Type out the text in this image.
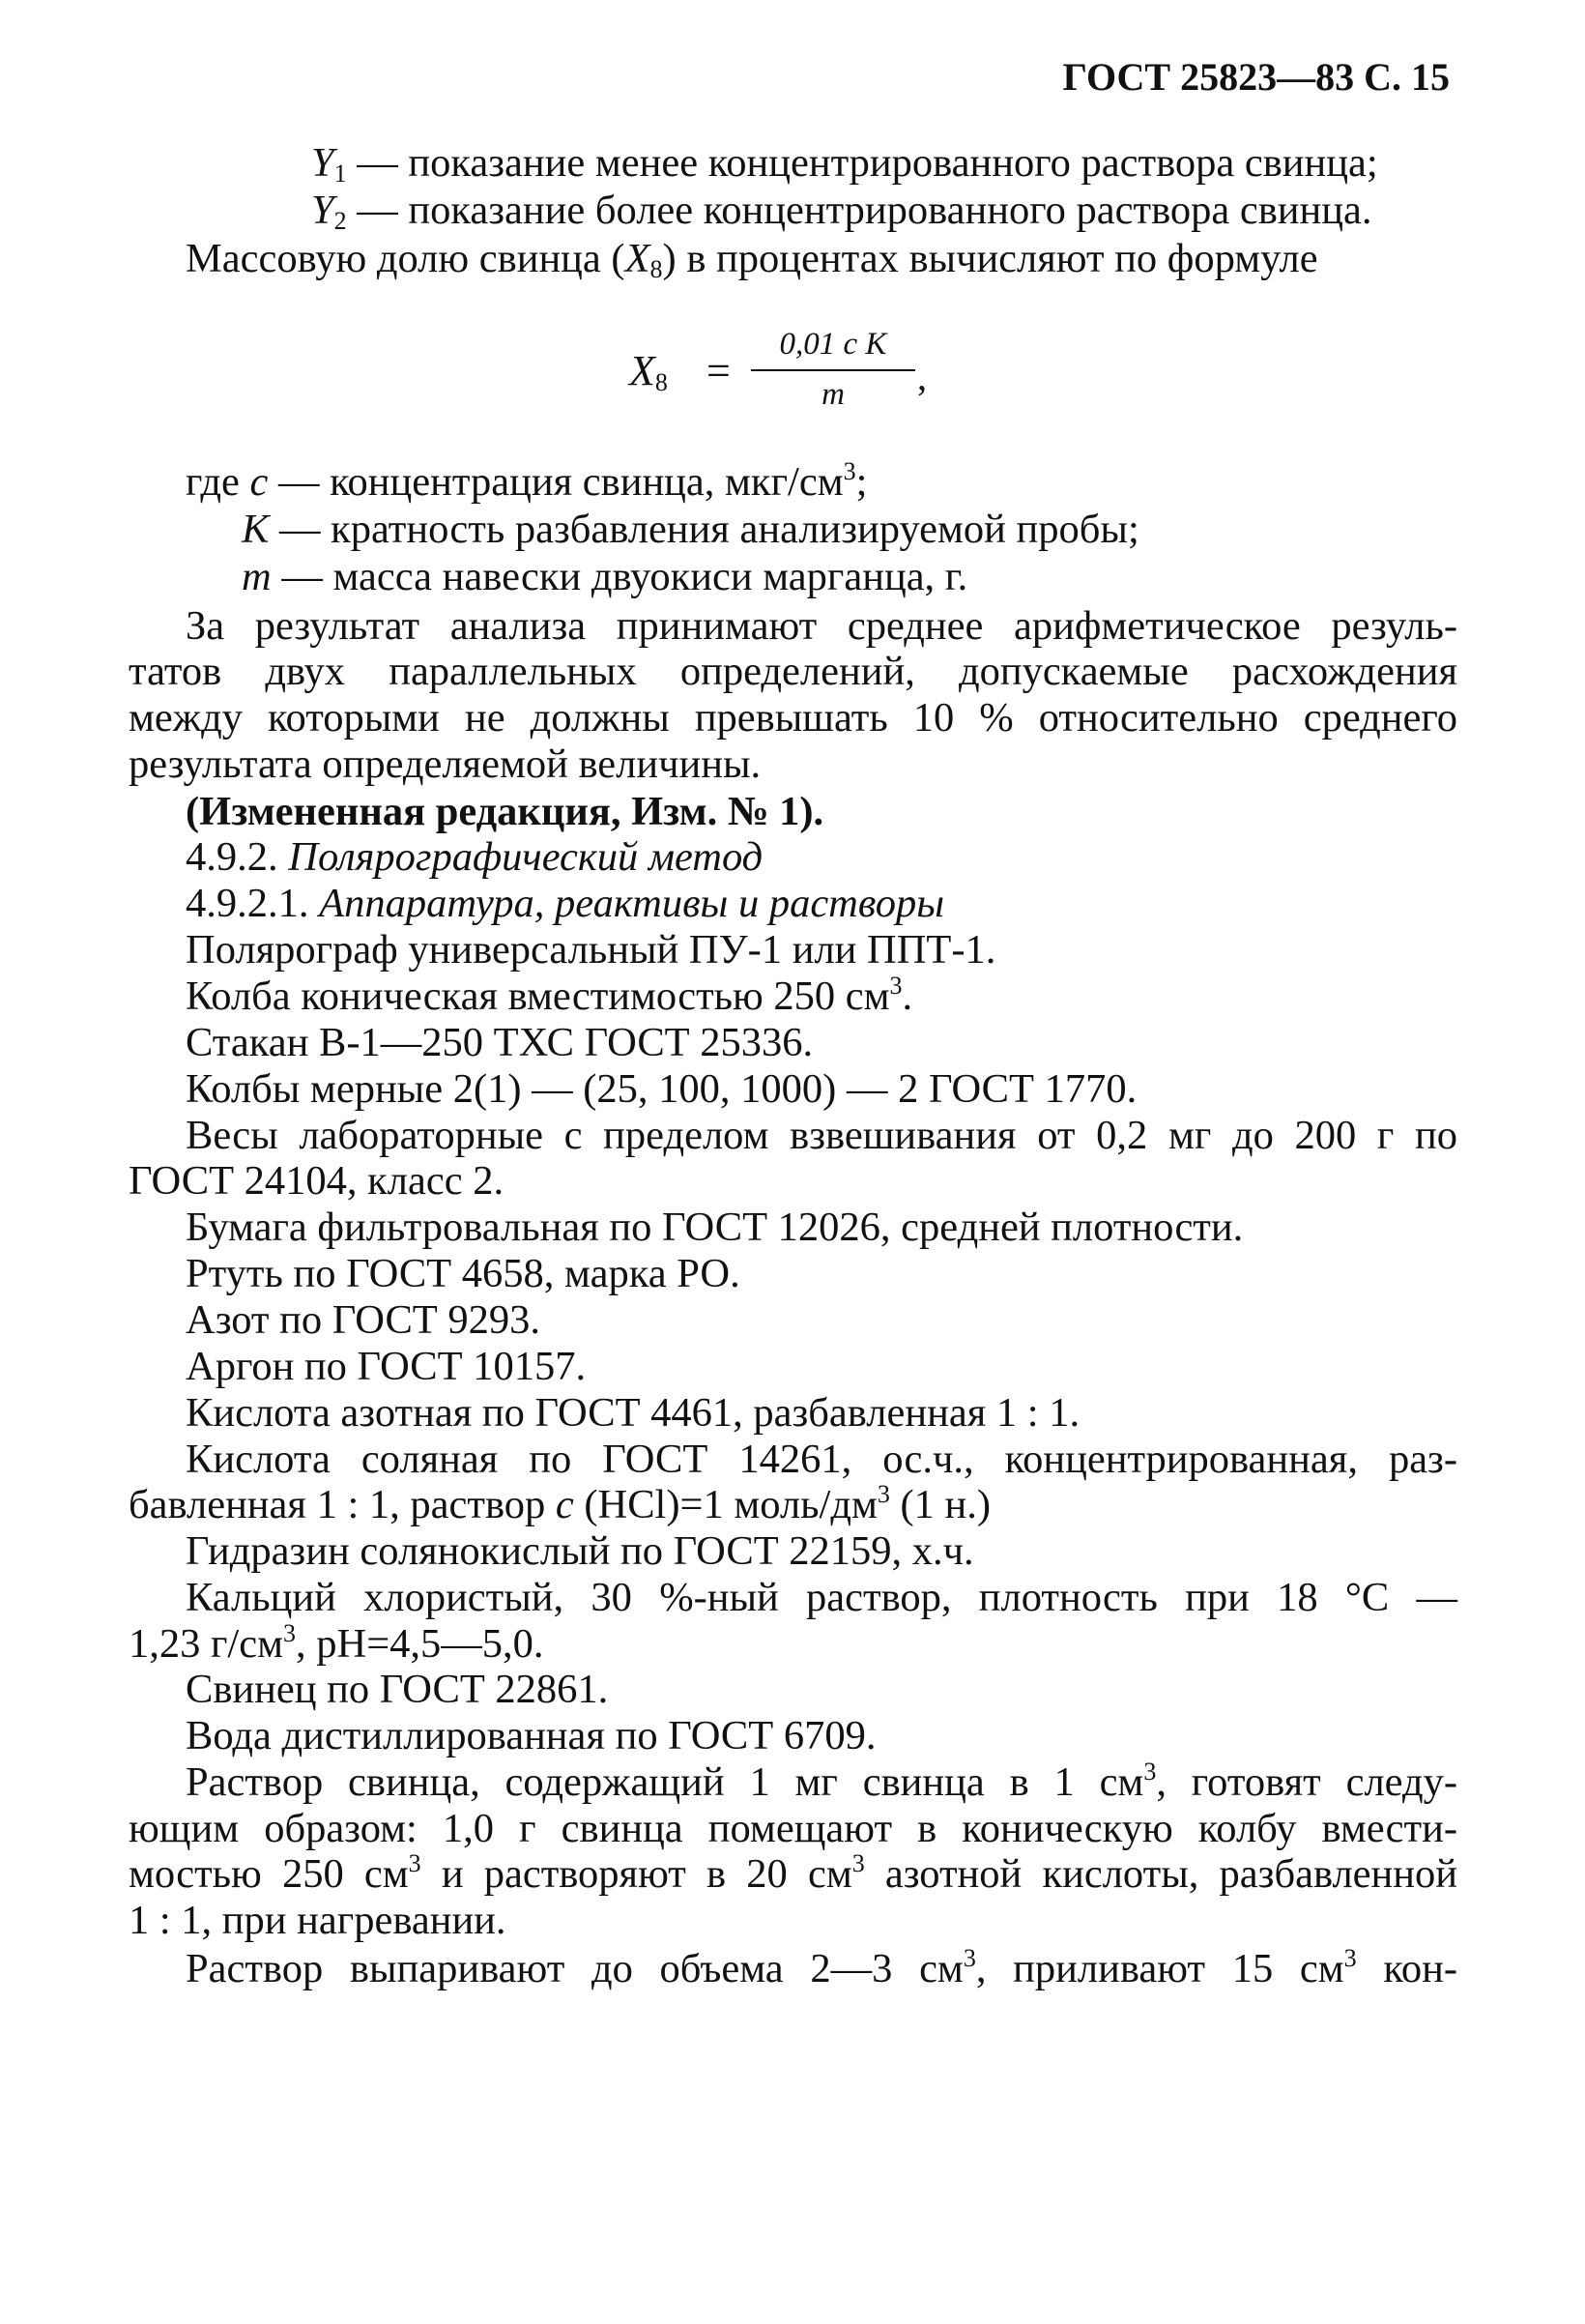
ГОСТ 25823—83 С. 15
$Y_1$ — показание менее концентрированного раствора свинца;
$Y_2$ — показание более концентрированного раствора свинца.
Массовую долю свинца $(X_8)$ в процентах вычисляют по формуле
$X_8$ =
0,01 c K
m	,
где c — концентрация свинца, мкг/$см^3$;
K — кратность разбавления анализируемой пробы;
m — масса навески двуокиси марганца, г.
За результат анализа принимают среднее арифметическое резуль-
татов двух параллельных определений, допускаемые расхождения
между которыми не должны превышать 10 % относительно среднего
результата определяемой величины.
(Измененная редакция, Изм. № 1).
4.9.2. Полярографический метод
4.9.2.1. Аппаратура, реактивы и растворы
Полярограф универсальный ПУ-1 или ППТ-1.
Колба коническая вместимостью 250 $см^3$.
Стакан В-1—250 ТХС ГОСТ 25336.
Колбы мерные 2(1) — (25, 100, 1000) — 2 ГОСТ 1770.
Весы лабораторные с пределом взвешивания от 0,2 мг до 200 г по
ГОСТ 24104, класс 2.
Бумага фильтровальная по ГОСТ 12026, средней плотности.
Ртуть по ГОСТ 4658, марка РО.
Азот по ГОСТ 9293.
Аргон по ГОСТ 10157.
Кислота азотная по ГОСТ 4461, разбавленная 1 : 1.
Кислота соляная по ГОСТ 14261, ос.ч., концентрированная, раз-
бавленная 1 : 1, раствор c (HCl)=1 моль/$дм^3$ (1 н.)
Гидразин солянокислый по ГОСТ 22159, х.ч.
Кальций хлористый, 30 %-ный раствор, плотность при 18 °С —
1,23 $г/см^3$, pH=4,5—5,0.
Свинец по ГОСТ 22861.
Вода дистиллированная по ГОСТ 6709.
Раствор свинца, содержащий 1 мг свинца в 1 $см^3$, готовят следу-
ющим образом: 1,0 г свинца помещают в коническую колбу вмести-
мостью 250 $см^3$ и растворяют в 20 $см^3$ азотной кислоты, разбавленной
1 : 1, при нагревании.
Раствор выпаривают до объема 2—3 $см^3$, приливают 15 $см^3$ кон-
